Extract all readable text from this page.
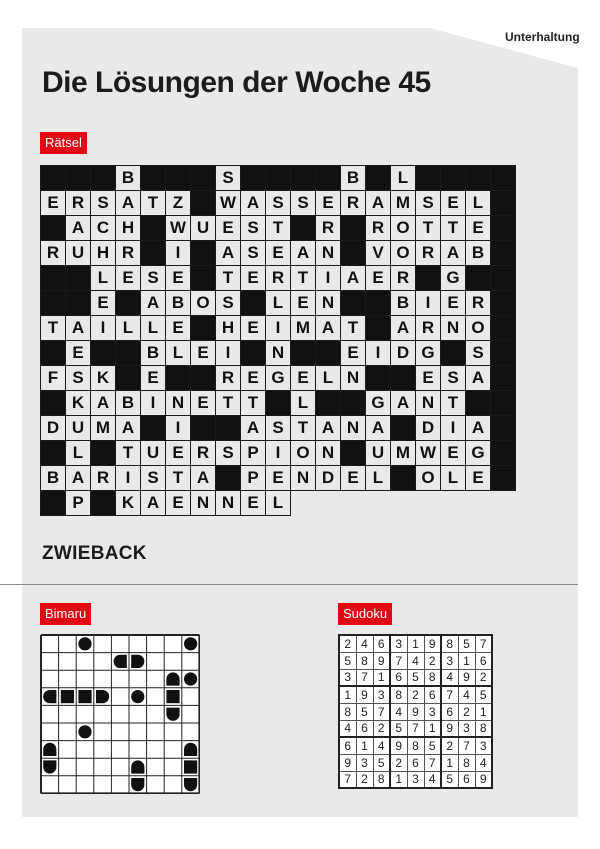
Unterhaltung
Die Lösungen der Woche 45
Rätsel
			B				S					B		L				
E	R	S	A	T	Z		W	A	S	S	E	R	A	M	S	E	L	
	A	C	H		W	U	E	S	T		R		R	O	T	T	E	
R	U	H	R		I		A	S	E	A	N		V	O	R	A	B	
		L	E	S	E		T	E	R	T	I	A	E	R		G		
		E		A	B	O	S		L	E	N			B	I	E	R	
T	A	I	L	L	E		H	E	I	M	A	T		A	R	N	O	
	E			B	L	E	I		N			E	I	D	G		S	
F	S	K		E			R	E	G	E	L	N			E	S	A	
	K	A	B	I	N	E	T	T		L			G	A	N	T		
D	U	M	A		I			A	S	T	A	N	A		D	I	A	
	L		T	U	E	R	S	P	I	O	N		U	M	W	E	G	
B	A	R	I	S	T	A		P	E	N	D	E	L		O	L	E	
	P		K	A	E	N	N	E	L									
ZWIEBACK
Bimaru	Sudoku
2	4	6	3	1	9	8	5	7
5	8	9	7	4	2	3	1	6
3	7	1	6	5	8	4	9	2
1	9	3	8	2	6	7	4	5
8	5	7	4	9	3	6	2	1
4	6	2	5	7	1	9	3	8
6	1	4	9	8	5	2	7	3
9	3	5	2	6	7	1	8	4
7	2	8	1	3	4	5	6	9
